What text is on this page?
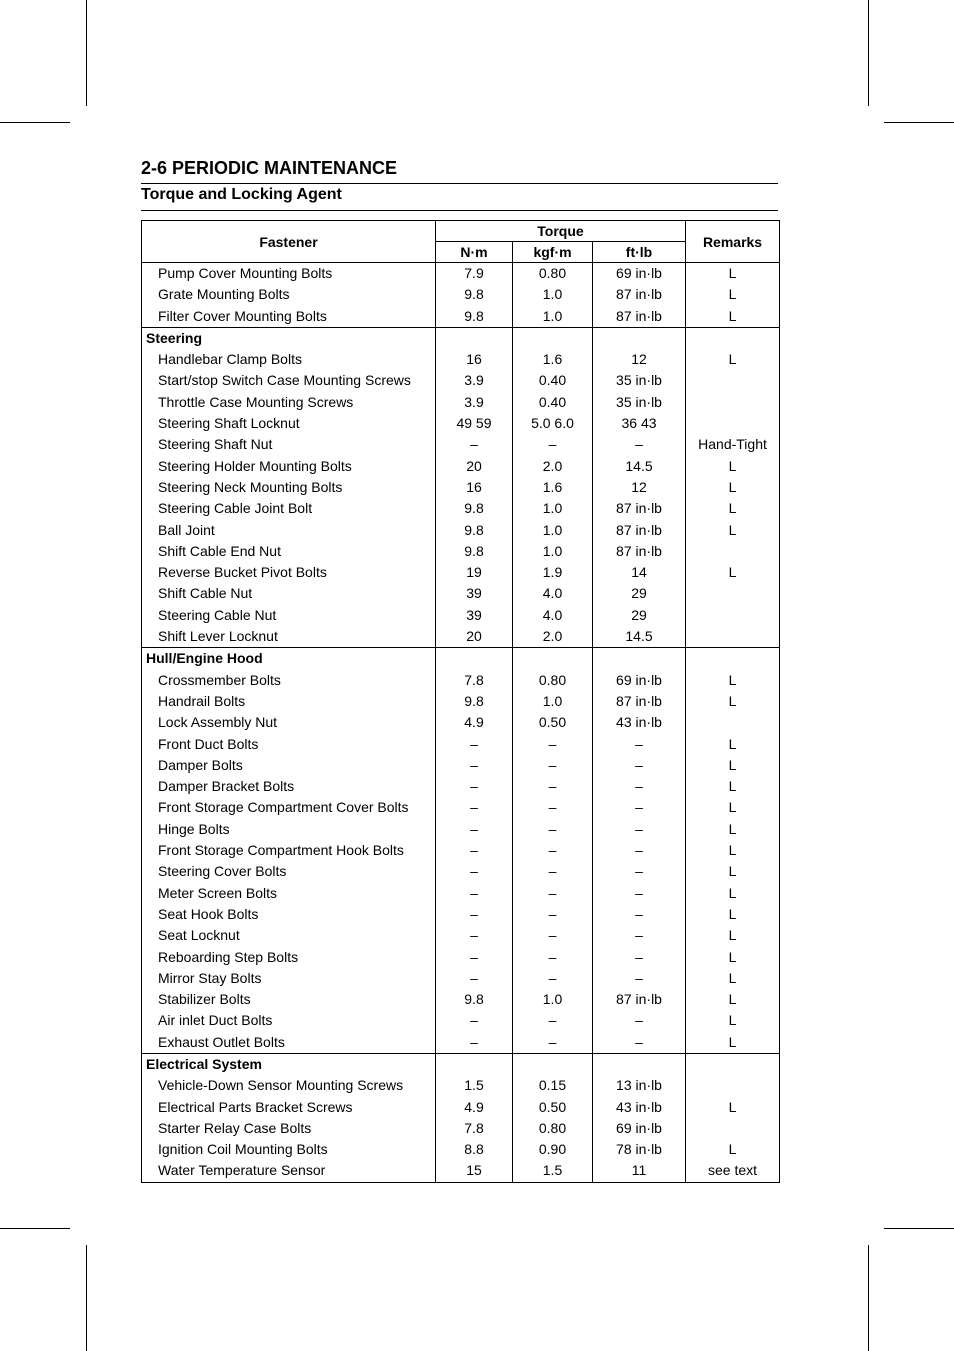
2-6 PERIODIC MAINTENANCE
Torque and Locking Agent
Fastener	Torque			Remarks
	N·m	kgf·m	ft·lb	
Pump Cover Mounting Bolts	7.9	0.80	69 in·lb	L
Grate Mounting Bolts	9.8	1.0	87 in·lb	L
Filter Cover Mounting Bolts	9.8	1.0	87 in·lb	L
Steering				
Handlebar Clamp Bolts	16	1.6	12	L
Start/stop Switch Case Mounting Screws	3.9	0.40	35 in·lb	
Throttle Case Mounting Screws	3.9	0.40	35 in·lb	
Steering Shaft Locknut	49 59	5.0 6.0	36 43	
Steering Shaft Nut	–	–	–	Hand-Tight
Steering Holder Mounting Bolts	20	2.0	14.5	L
Steering Neck Mounting Bolts	16	1.6	12	L
Steering Cable Joint Bolt	9.8	1.0	87 in·lb	L
Ball Joint	9.8	1.0	87 in·lb	L
Shift Cable End Nut	9.8	1.0	87 in·lb	
Reverse Bucket Pivot Bolts	19	1.9	14	L
Shift Cable Nut	39	4.0	29	
Steering Cable Nut	39	4.0	29	
Shift Lever Locknut	20	2.0	14.5	
Hull/Engine Hood				
Crossmember Bolts	7.8	0.80	69 in·lb	L
Handrail Bolts	9.8	1.0	87 in·lb	L
Lock Assembly Nut	4.9	0.50	43 in·lb	
Front Duct Bolts	–	–	–	L
Damper Bolts	–	–	–	L
Damper Bracket Bolts	–	–	–	L
Front Storage Compartment Cover Bolts	–	–	–	L
Hinge Bolts	–	–	–	L
Front Storage Compartment Hook Bolts	–	–	–	L
Steering Cover Bolts	–	–	–	L
Meter Screen Bolts	–	–	–	L
Seat Hook Bolts	–	–	–	L
Seat Locknut	–	–	–	L
Reboarding Step Bolts	–	–	–	L
Mirror Stay Bolts	–	–	–	L
Stabilizer Bolts	9.8	1.0	87 in·lb	L
Air inlet Duct Bolts	–	–	–	L
Exhaust Outlet Bolts	–	–	–	L
Electrical System				
Vehicle-Down Sensor Mounting Screws	1.5	0.15	13 in·lb	
Electrical Parts Bracket Screws	4.9	0.50	43 in·lb	L
Starter Relay Case Bolts	7.8	0.80	69 in·lb	
Ignition Coil Mounting Bolts	8.8	0.90	78 in·lb	L
Water Temperature Sensor	15	1.5	11	see text
